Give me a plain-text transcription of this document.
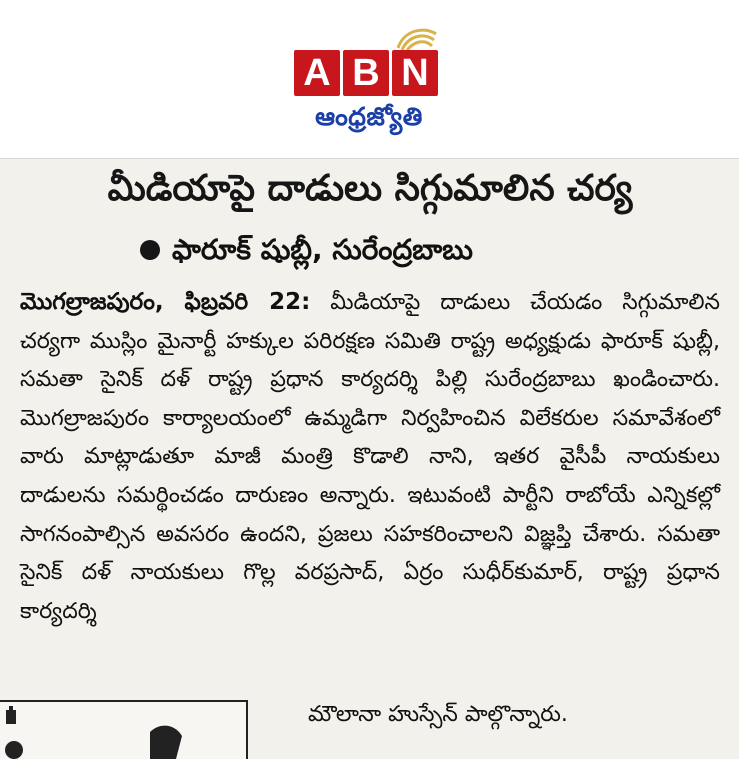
A B N
ఆంధ్రజ్యోతి
మీడియాపై దాడులు సిగ్గుమాలిన చర్య
ఫారూక్ షుబ్లీ, సురేంద్రబాబు
మొగల్రాజపురం, ఫిబ్రవరి 22: మీడియాపై దాడులు చేయడం సిగ్గుమాలిన చర్యగా ముస్లిం మైనార్టీ హక్కుల పరిరక్షణ సమితి రాష్ట్ర అధ్యక్షుడు ఫారూక్ షుబ్లీ, సమతా సైనిక్ దళ్ రాష్ట్ర ప్రధాన కార్యదర్శి పిల్లి సురేంద్రబాబు ఖండించారు. మొగల్రాజపురం కార్యాలయంలో ఉమ్మడిగా నిర్వహించిన విలేకరుల సమావేశంలో వారు మాట్లాడుతూ మాజీ మంత్రి కొడాలి నాని, ఇతర వైసీపీ నాయకులు దాడులను సమర్థించడం దారుణం అన్నారు. ఇటువంటి పార్టీని రాబోయే ఎన్నికల్లో సాగనంపాల్సిన అవసరం ఉందని, ప్రజలు సహకరించాలని విజ్ఞప్తి చేశారు. సమతా సైనిక్ దళ్ నాయకులు గొల్ల వరప్రసాద్, ఏర్రం సుధీర్‌కుమార్, రాష్ట్ర ప్రధాన కార్యదర్శి
మౌలానా హుస్సేన్ పాల్గొన్నారు.
